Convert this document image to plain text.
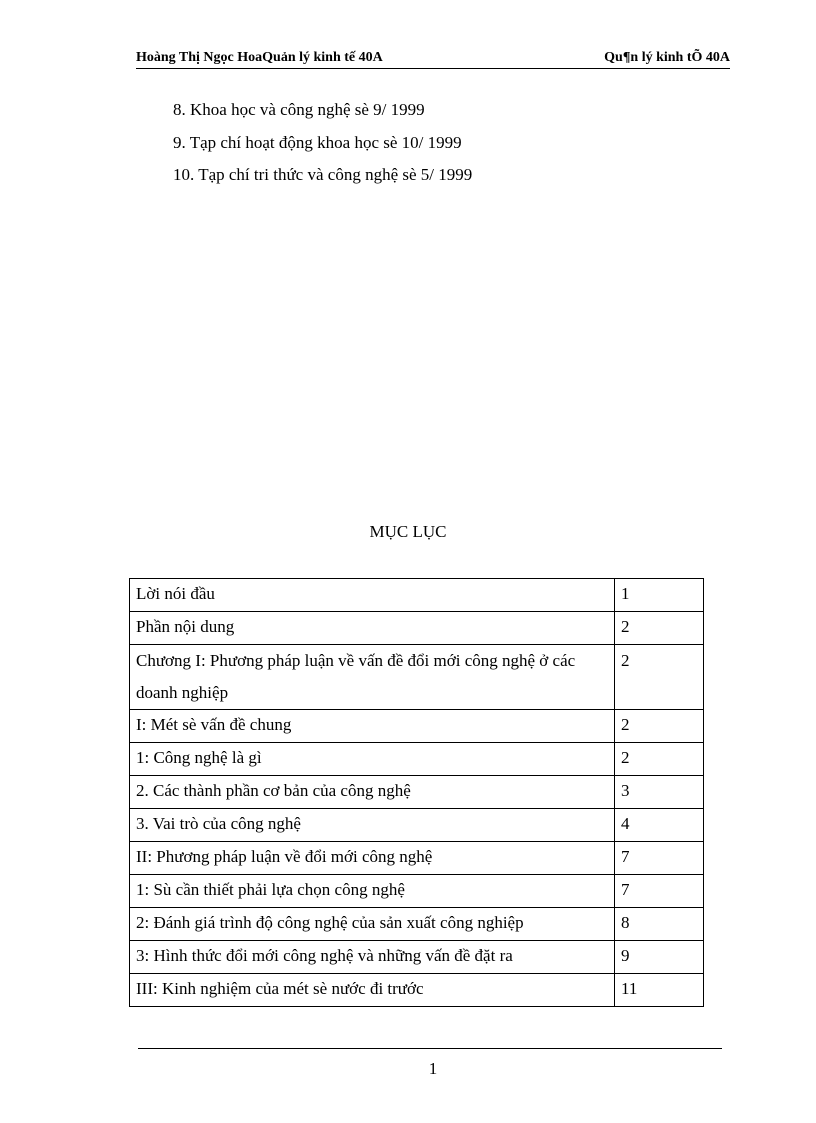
Hoàng Thị Ngọc HoaQuản lý kinh tế 40A	Qu¶n lý kinh tÕ 40A
8. Khoa học và công nghệ sè 9/ 1999
9. Tạp chí hoạt động khoa học sè 10/ 1999
10. Tạp chí tri thức và công nghệ sè 5/ 1999
MỤC LỤC
Lời nói đầu	1
Phần nội dung	2
Chương I: Phương pháp luận về vấn đề đổi mới công nghệ ở các doanh nghiệp	2
I: Mét sè vấn đề chung	2
1: Công nghệ là gì	2
2. Các thành phần cơ bản của công nghệ	3
3. Vai trò của công nghệ	4
II: Phương pháp luận về đổi mới công nghệ	7
1: Sù cần thiết phải lựa chọn công nghệ	7
2: Đánh giá trình độ công nghệ của sản xuất công nghiệp	8
3: Hình thức đổi mới công nghệ và những vấn đề đặt ra	9
III: Kinh nghiệm của mét sè nước đi trước	11
1
